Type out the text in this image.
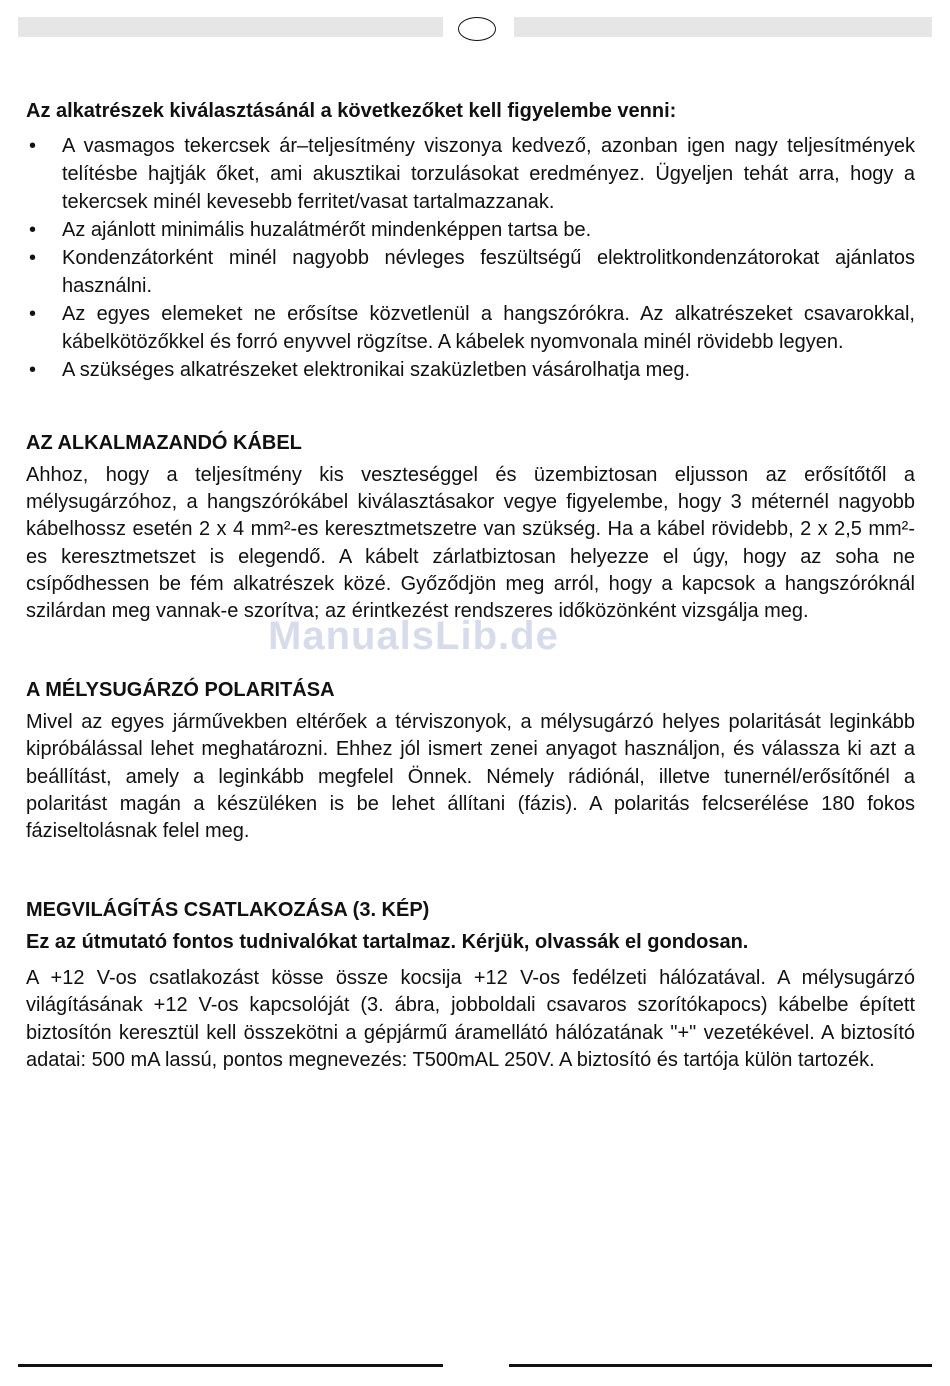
Az alkatrészek kiválasztásánál a következőket kell figyelembe venni:
• A vasmagos tekercsek ár–teljesítmény viszonya kedvező, azonban igen nagy teljesítmények telítésbe hajtják őket, ami akusztikai torzulásokat eredményez. Ügyeljen tehát arra, hogy a tekercsek minél kevesebb ferritet/vasat tartalmazzanak.
• Az ajánlott minimális huzalátmérőt mindenképpen tartsa be.
• Kondenzátorként minél nagyobb névleges feszültségű elektrolitkondenzátorokat ajánlatos használni.
• Az egyes elemeket ne erősítse közvetlenül a hangszórókra. Az alkatrészeket csavarokkal, kábelkötözőkkel és forró enyvvel rögzítse. A kábelek nyomvonala minél rövidebb legyen.
• A szükséges alkatrészeket elektronikai szaküzletben vásárolhatja meg.
AZ ALKALMAZANDÓ KÁBEL

Ahhoz, hogy a teljesítmény kis veszteséggel és üzembiztosan eljusson az erősítőtől a mélysugárzóhoz, a hangszórókábel kiválasztásakor vegye figyelembe, hogy 3 méternél nagyobb kábelhossz esetén 2 x 4 mm²-es keresztmetszetre van szükség. Ha a kábel rövidebb, 2 x 2,5 mm²-es keresztmetszet is elegendő. A kábelt zárlatbiztosan helyezze el úgy, hogy az soha ne csípődhessen be fém alkatrészek közé. Győződjön meg arról, hogy a kapcsok a hangszóróknál szilárdan meg vannak-e szorítva; az érintkezést rendszeres időközönként vizsgálja meg.

A MÉLYSUGÁRZÓ POLARITÁSA

Mivel az egyes járművekben eltérőek a térviszonyok, a mélysugárzó helyes polaritását leginkább kipróbálással lehet meghatározni. Ehhez jól ismert zenei anyagot használjon, és válassza ki azt a beállítást, amely a leginkább megfelel Önnek. Némely rádiónál, illetve tunernél/erősítőnél a polaritást magán a készüléken is be lehet állítani (fázis). A polaritás felcserélése 180 fokos fáziseltolásnak felel meg.

MEGVILÁGÍTÁS CSATLAKOZÁSA (3. KÉP)
Ez az útmutató fontos tudnivalókat tartalmaz. Kérjük, olvassák el gondosan.

A +12 V-os csatlakozást kösse össze kocsija +12 V-os fedélzeti hálózatával. A mélysugárzó világításának +12 V-os kapcsolóját (3. ábra, jobboldali csavaros szorítókapocs) kábelbe épített biztosítón keresztül kell összekötni a gépjármű áramellátó hálózatának "+" vezetékével. A biztosító adatai: 500 mA lassú, pontos megnevezés: T500mAL 250V. A biztosító és tartója külön tartozék.

ManualsLib.de
